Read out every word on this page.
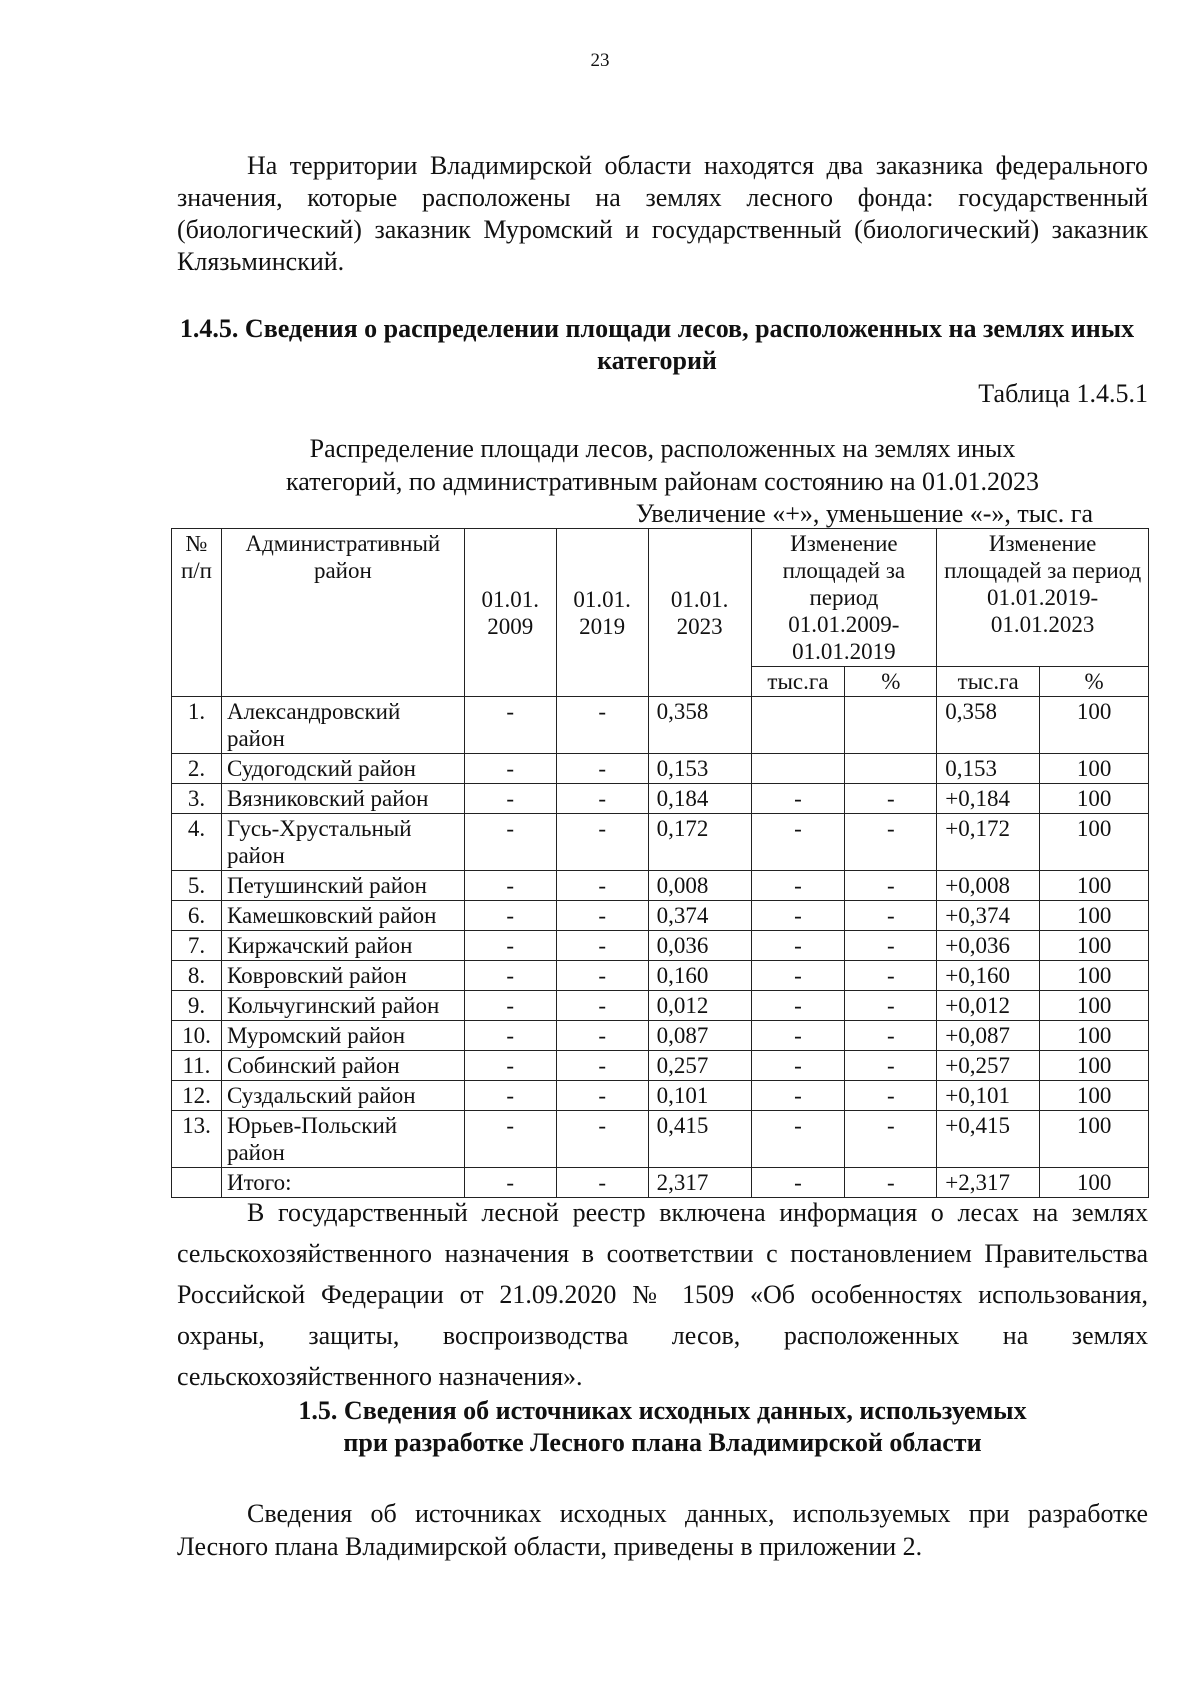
23

На территории Владимирской области находятся два заказника федерального значения, которые расположены на землях лесного фонда: государственный (биологический) заказник Муромский и государственный (биологический) заказник Клязьминский.

1.4.5. Сведения о распределении площади лесов, расположенных на землях иных категорий
Таблица 1.4.5.1
Распределение площади лесов, расположенных на землях иных
категорий, по административным районам состоянию на 01.01.2023
Увеличение «+», уменьшение «-», тыс. га
№ п/п	Административный район	01.01. 2009	01.01. 2019	01.01. 2023	Изменение площадей за период 01.01.2009-01.01.2019		Изменение площадей за период 01.01.2019-01.01.2023	
					тыс.га	%	тыс.га	%
1.	Александровский район	-	-	0,358			0,358	100
2.	Судогодский район	-	-	0,153			0,153	100
3.	Вязниковский район	-	-	0,184	-	-	+0,184	100
4.	Гусь-Хрустальный район	-	-	0,172	-	-	+0,172	100
5.	Петушинский район	-	-	0,008	-	-	+0,008	100
6.	Камешковский район	-	-	0,374	-	-	+0,374	100
7.	Киржачский район	-	-	0,036	-	-	+0,036	100
8.	Ковровский район	-	-	0,160	-	-	+0,160	100
9.	Кольчугинский район	-	-	0,012	-	-	+0,012	100
10.	Муромский район	-	-	0,087	-	-	+0,087	100
11.	Собинский район	-	-	0,257	-	-	+0,257	100
12.	Суздальский район	-	-	0,101	-	-	+0,101	100
13.	Юрьев-Польский район	-	-	0,415	-	-	+0,415	100
	Итого:	-	-	2,317	-	-	+2,317	100

В государственный лесной реестр включена информация о лесах на землях сельскохозяйственного назначения в соответствии с постановлением Правительства Российской Федерации от 21.09.2020 № 1509 «Об особенностях использования, охраны, защиты, воспроизводства лесов, расположенных на землях сельскохозяйственного назначения».

1.5. Сведения об источниках исходных данных, используемых
при разработке Лесного плана Владимирской области

Сведения об источниках исходных данных, используемых при разработке Лесного плана Владимирской области, приведены в приложении 2.
